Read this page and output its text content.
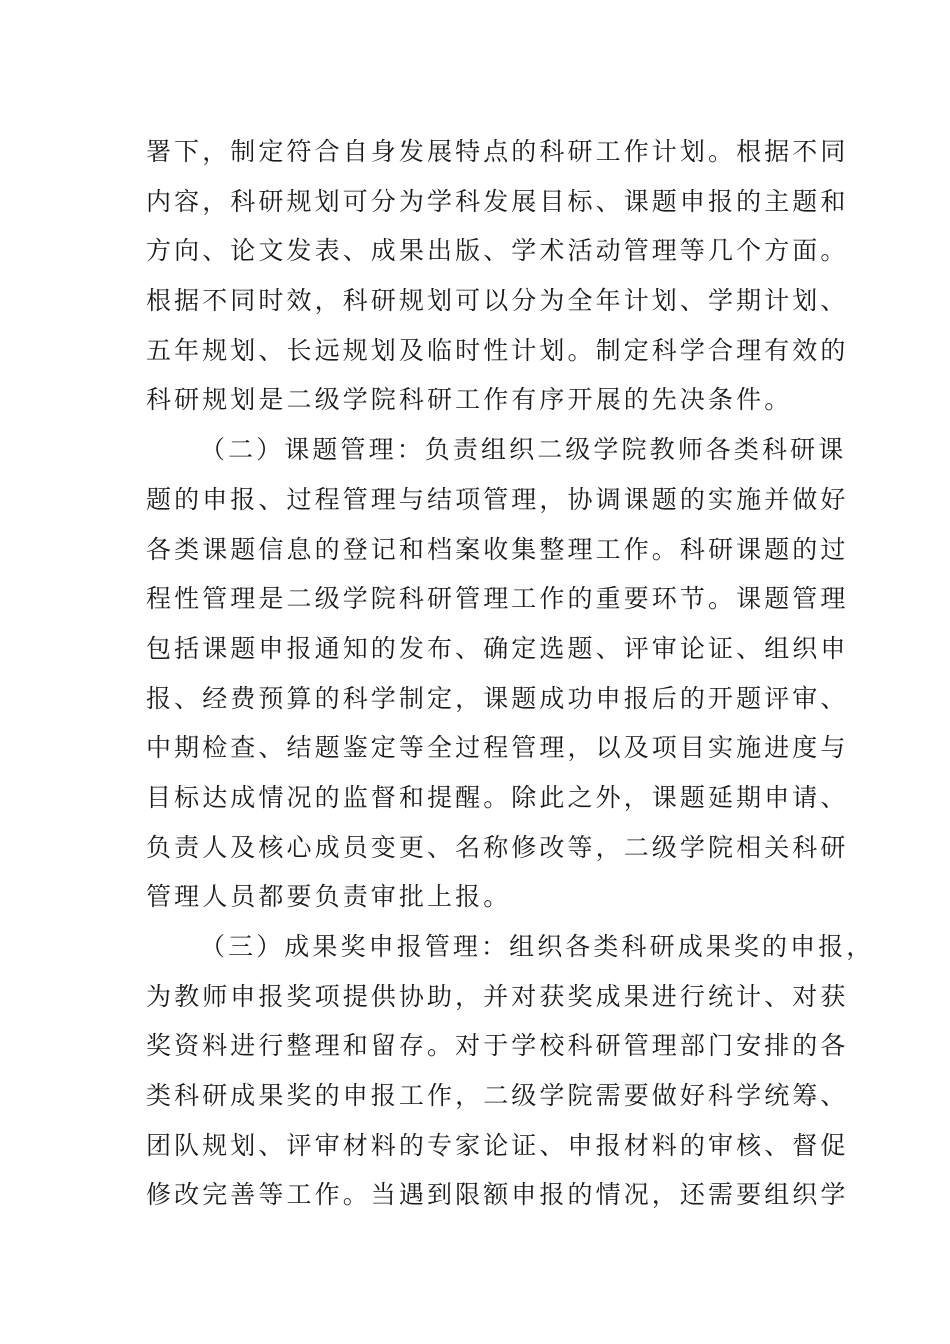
署下，制定符合自身发展特点的科研工作计划。根据不同
内容，科研规划可分为学科发展目标、课题申报的主题和
方向、论文发表、成果出版、学术活动管理等几个方面。
根据不同时效，科研规划可以分为全年计划、学期计划、
五年规划、长远规划及临时性计划。制定科学合理有效的
科研规划是二级学院科研工作有序开展的先决条件。
（二）课题管理：负责组织二级学院教师各类科研课
题的申报、过程管理与结项管理，协调课题的实施并做好
各类课题信息的登记和档案收集整理工作。科研课题的过
程性管理是二级学院科研管理工作的重要环节。课题管理
包括课题申报通知的发布、确定选题、评审论证、组织申
报、经费预算的科学制定，课题成功申报后的开题评审、
中期检查、结题鉴定等全过程管理，以及项目实施进度与
目标达成情况的监督和提醒。除此之外，课题延期申请、
负责人及核心成员变更、名称修改等，二级学院相关科研
管理人员都要负责审批上报。
（三）成果奖申报管理：组织各类科研成果奖的申报，
为教师申报奖项提供协助，并对获奖成果进行统计、对获
奖资料进行整理和留存。对于学校科研管理部门安排的各
类科研成果奖的申报工作，二级学院需要做好科学统筹、
团队规划、评审材料的专家论证、申报材料的审核、督促
修改完善等工作。当遇到限额申报的情况，还需要组织学
